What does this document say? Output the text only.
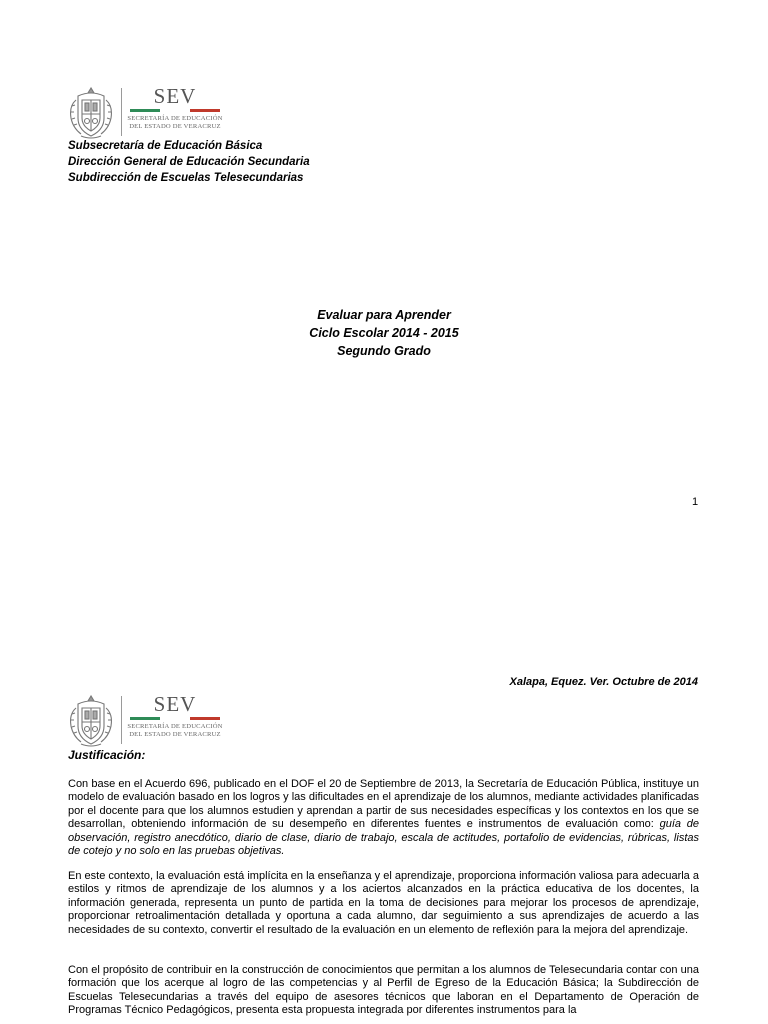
SEV
SECRETARÍA DE EDUCACIÓN
DEL ESTADO DE VERACRUZ
Subsecretaría de Educación Básica
Dirección General de Educación Secundaria
Subdirección de Escuelas Telesecundarias
Evaluar para Aprender
Ciclo Escolar 2014 - 2015
Segundo Grado
1
Xalapa, Equez. Ver. Octubre de 2014
SEV
SECRETARÍA DE EDUCACIÓN
DEL ESTADO DE VERACRUZ
Justificación:

Con base en el Acuerdo 696, publicado en el DOF el 20 de Septiembre de 2013, la Secretaría de Educación Pública, instituye un modelo de evaluación basado en los logros y las dificultades en el aprendizaje de los alumnos, mediante actividades planificadas por el docente para que los alumnos estudien y aprendan a partir de sus necesidades específicas y los contextos en los que se desarrollan, obteniendo información de su desempeño en diferentes fuentes e instrumentos de evaluación como: guía de observación, registro anecdótico, diario de clase, diario de trabajo, escala de actitudes, portafolio de evidencias, rúbricas, listas de cotejo y no solo en las pruebas objetivas.

En este contexto, la evaluación está implícita en la enseñanza y el aprendizaje, proporciona información valiosa para adecuarla a estilos y ritmos de aprendizaje de los alumnos y a los aciertos alcanzados en la práctica educativa de los docentes, la información generada, representa un punto de partida en la toma de decisiones para mejorar los procesos de aprendizaje, proporcionar retroalimentación detallada y oportuna a cada alumno, dar seguimiento a sus aprendizajes de acuerdo a las necesidades de su contexto, convertir el resultado de la evaluación en un elemento de reflexión para la mejora del aprendizaje.

Con el propósito de contribuir en la construcción de conocimientos que permitan a los alumnos de Telesecundaria contar con una formación que los acerque al logro de las competencias y al Perfil de Egreso de la Educación Básica; la Subdirección de Escuelas Telesecundarias a través del equipo de asesores técnicos que laboran en el Departamento de Operación de Programas Técnico Pedagógicos, presenta esta propuesta integrada por diferentes instrumentos para la
